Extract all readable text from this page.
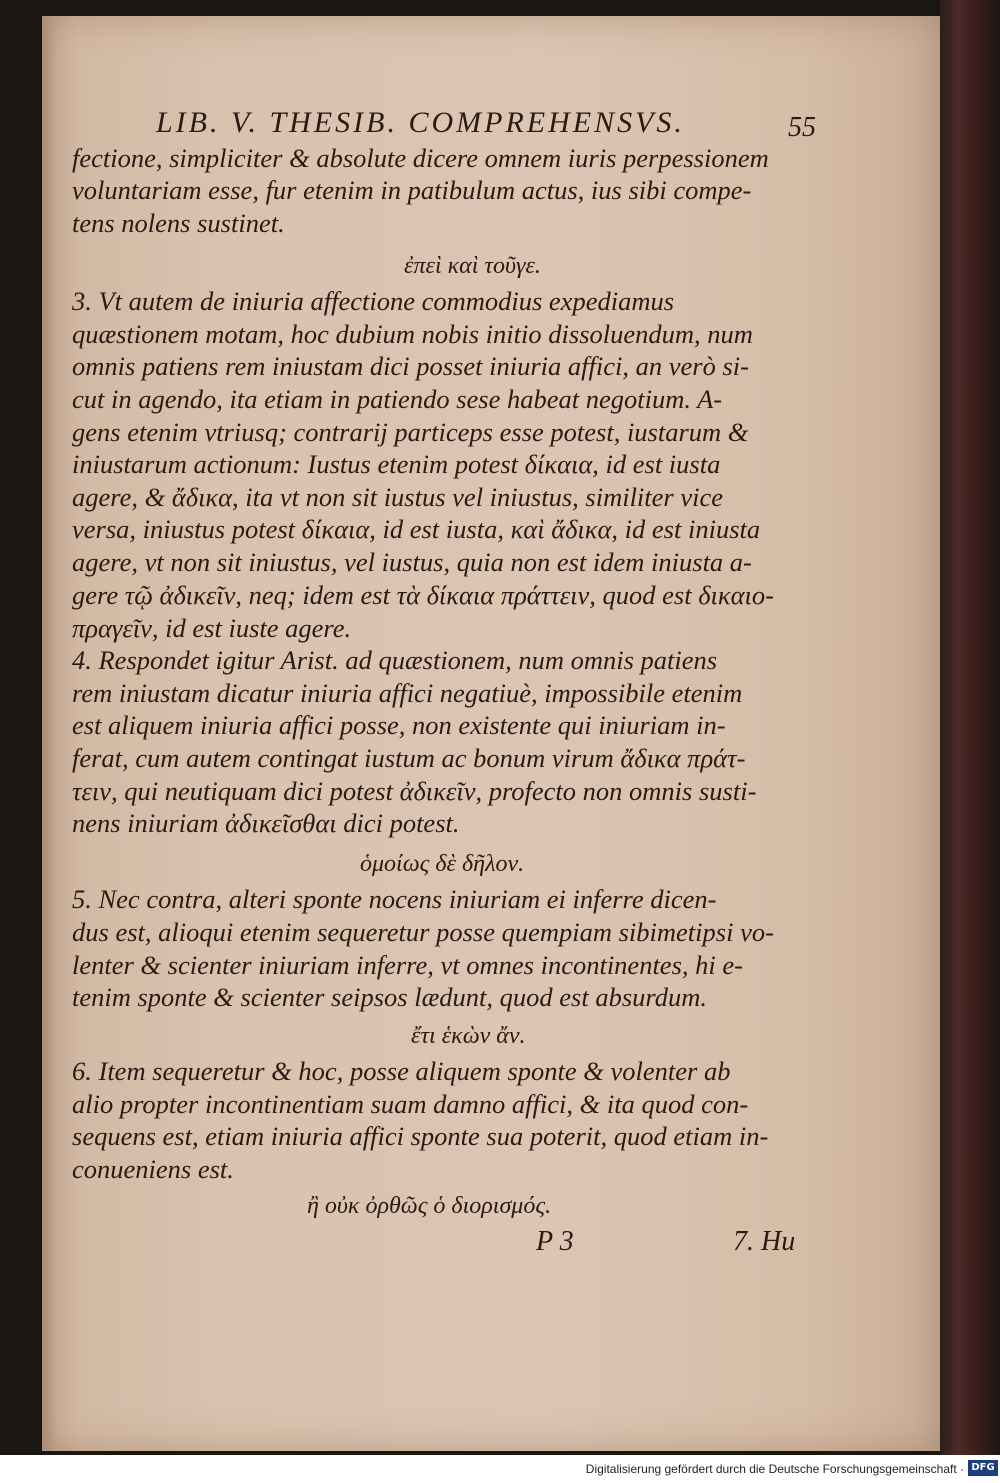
LIB. V. THESIB. COMPREHENSVS.	55
fectione, simpliciter & absolute dicere omnem iuris perpessionem
voluntariam esse, fur etenim in patibulum actus, ius sibi compe-
tens nolens sustinet.
ἐπεὶ καὶ τοῦγε.
3. Vt autem de iniuria affectione commodius expediamus
quæstionem motam, hoc dubium nobis initio dissoluendum, num
omnis patiens rem iniustam dici posset iniuria affici, an verò si-
cut in agendo, ita etiam in patiendo sese habeat negotium. A-
gens etenim vtriusq; contrarij particeps esse potest, iustarum &
iniustarum actionum: Iustus etenim potest δίκαια, id est iusta
agere, & ἄδικα, ita vt non sit iustus vel iniustus, similiter vice
versa, iniustus potest δίκαια, id est iusta, καὶ ἄδικα, id est iniusta
agere, vt non sit iniustus, vel iustus, quia non est idem iniusta a-
gere τῷ ἀδικεῖν, neq; idem est τὰ δίκαια πράττειν, quod est δικαιο-
πραγεῖν, id est iuste agere.
4. Respondet igitur Arist. ad quæstionem, num omnis patiens
rem iniustam dicatur iniuria affici negatiuè, impossibile etenim
est aliquem iniuria affici posse, non existente qui iniuriam in-
ferat, cum autem contingat iustum ac bonum virum ἄδικα πράτ-
τειν, qui neutiquam dici potest ἀδικεῖν, profecto non omnis susti-
nens iniuriam ἀδικεῖσθαι dici potest.
ὁμοίως δὲ δῆλον.
5. Nec contra, alteri sponte nocens iniuriam ei inferre dicen-
dus est, alioqui etenim sequeretur posse quempiam sibimetipsi vo-
lenter & scienter iniuriam inferre, vt omnes incontinentes, hi e-
tenim sponte & scienter seipsos lædunt, quod est absurdum.
ἔτι ἑκὼν ἄν.
6. Item sequeretur & hoc, posse aliquem sponte & volenter ab
alio propter incontinentiam suam damno affici, & ita quod con-
sequens est, etiam iniuria affici sponte sua poterit, quod etiam in-
conueniens est.
ἢ οὐκ ὀρθῶς ὁ διορισμός.
P 3	7. Hu
Digitalisierung gefördert durch die Deutsche Forschungsgemeinschaft · DFG
